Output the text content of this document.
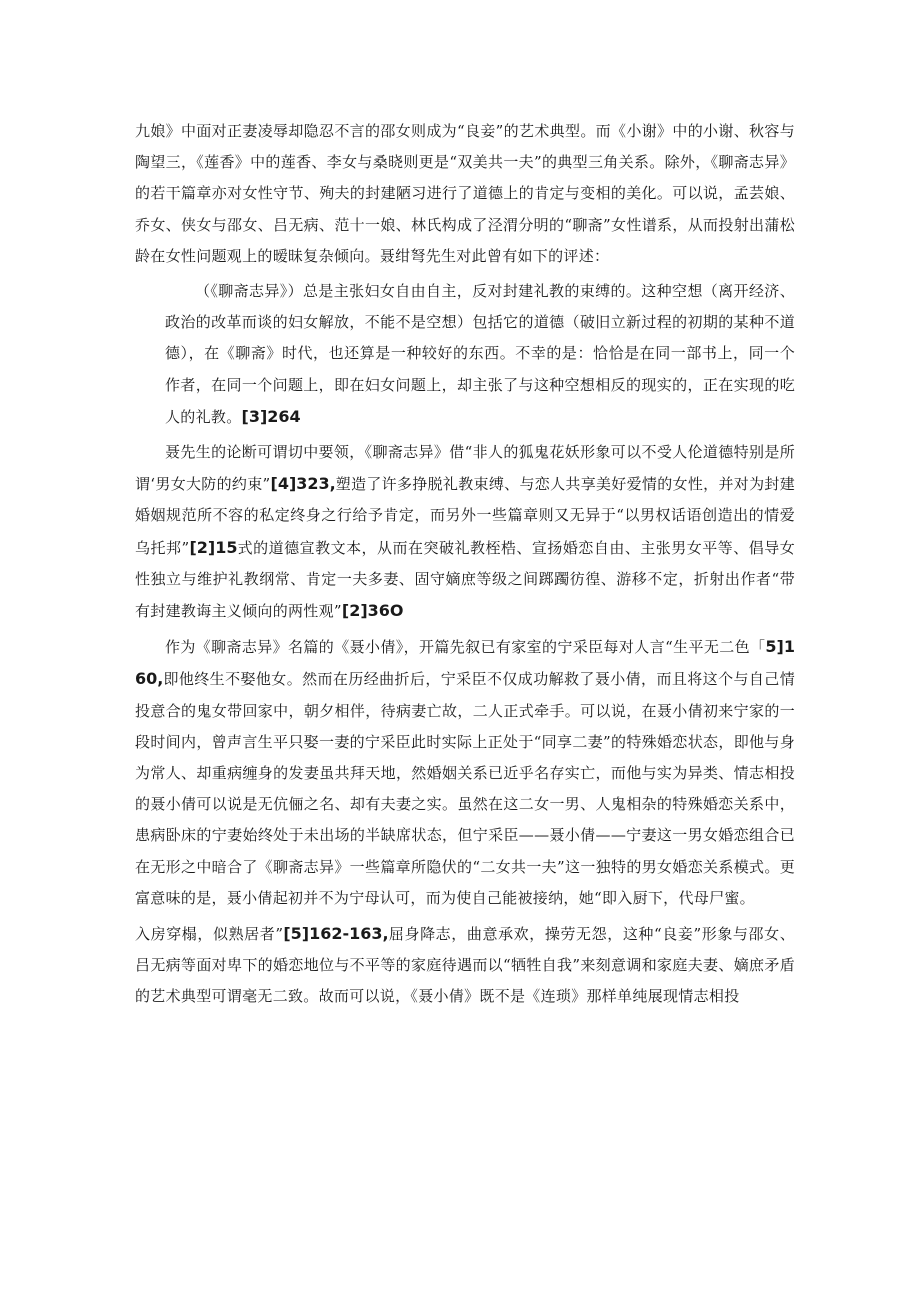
九娘》中面对正妻凌辱却隐忍不言的邵女则成为“良妾”的艺术典型。而《小谢》中的小谢、秋容与陶望三，《莲香》中的莲香、李女与桑晓则更是“双美共一夫”的典型三角关系。除外，《聊斋志异》的若干篇章亦对女性守节、殉夫的封建陋习进行了道德上的肯定与变相的美化。可以说，孟芸娘、乔女、侠女与邵女、吕无病、范十一娘、林氏构成了泾渭分明的“聊斋”女性谱系，从而投射出蒲松龄在女性问题观上的暧昧复杂倾向。聂绀弩先生对此曾有如下的评述：

（《聊斋志异》）总是主张妇女自由自主，反对封建礼教的束缚的。这种空想（离开经济、政治的改革而谈的妇女解放，不能不是空想）包括它的道德（破旧立新过程的初期的某种不道德），在《聊斋》时代，也还算是一种较好的东西。不幸的是：恰恰是在同一部书上，同一个作者，在同一个问题上，即在妇女问题上，却主张了与这种空想相反的现实的，正在实现的吃人的礼教。[3]264

聂先生的论断可谓切中要领，《聊斋志异》借“非人的狐鬼花妖形象可以不受人伦道德特别是所谓‘男女大防的约束”[4]323,塑造了许多挣脱礼教束缚、与恋人共享美好爱情的女性，并对为封建婚姻规范所不容的私定终身之行给予肯定，而另外一些篇章则又无异于“以男权话语创造出的情爱乌托邦”[2]15式的道德宣教文本，从而在突破礼教桎梏、宣扬婚恋自由、主张男女平等、倡导女性独立与维护礼教纲常、肯定一夫多妻、固守嫡庶等级之间踯躅彷徨、游移不定，折射出作者“带有封建教诲主义倾向的两性观”[2]36O

作为《聊斋志异》名篇的《聂小倩》，开篇先叙已有家室的宁采臣每对人言“生平无二色「5]160,即他终生不娶他女。然而在历经曲折后，宁采臣不仅成功解救了聂小倩，而且将这个与自己情投意合的鬼女带回家中，朝夕相伴，待病妻亡故，二人正式牵手。可以说，在聂小倩初来宁家的一段时间内，曾声言生平只娶一妻的宁采臣此时实际上正处于“同享二妻”的特殊婚恋状态，即他与身为常人、却重病缠身的发妻虽共拜天地，然婚姻关系已近乎名存实亡，而他与实为异类、情志相投的聂小倩可以说是无伉俪之名、却有夫妻之实。虽然在这二女一男、人鬼相杂的特殊婚恋关系中，患病卧床的宁妻始终处于未出场的半缺席状态，但宁采臣——聂小倩——宁妻这一男女婚恋组合已在无形之中暗合了《聊斋志异》一些篇章所隐伏的“二女共一夫”这一独特的男女婚恋关系模式。更富意味的是，聂小倩起初并不为宁母认可，而为使自己能被接纳，她“即入厨下，代母尸蜜。

入房穿榻，似熟居者”[5]162-163,屈身降志，曲意承欢，操劳无怨，这种“良妾”形象与邵女、吕无病等面对卑下的婚恋地位与不平等的家庭待遇而以“牺牲自我”来刻意调和家庭夫妻、嫡庶矛盾的艺术典型可谓毫无二致。故而可以说，《聂小倩》既不是《连琐》那样单纯展现情志相投
